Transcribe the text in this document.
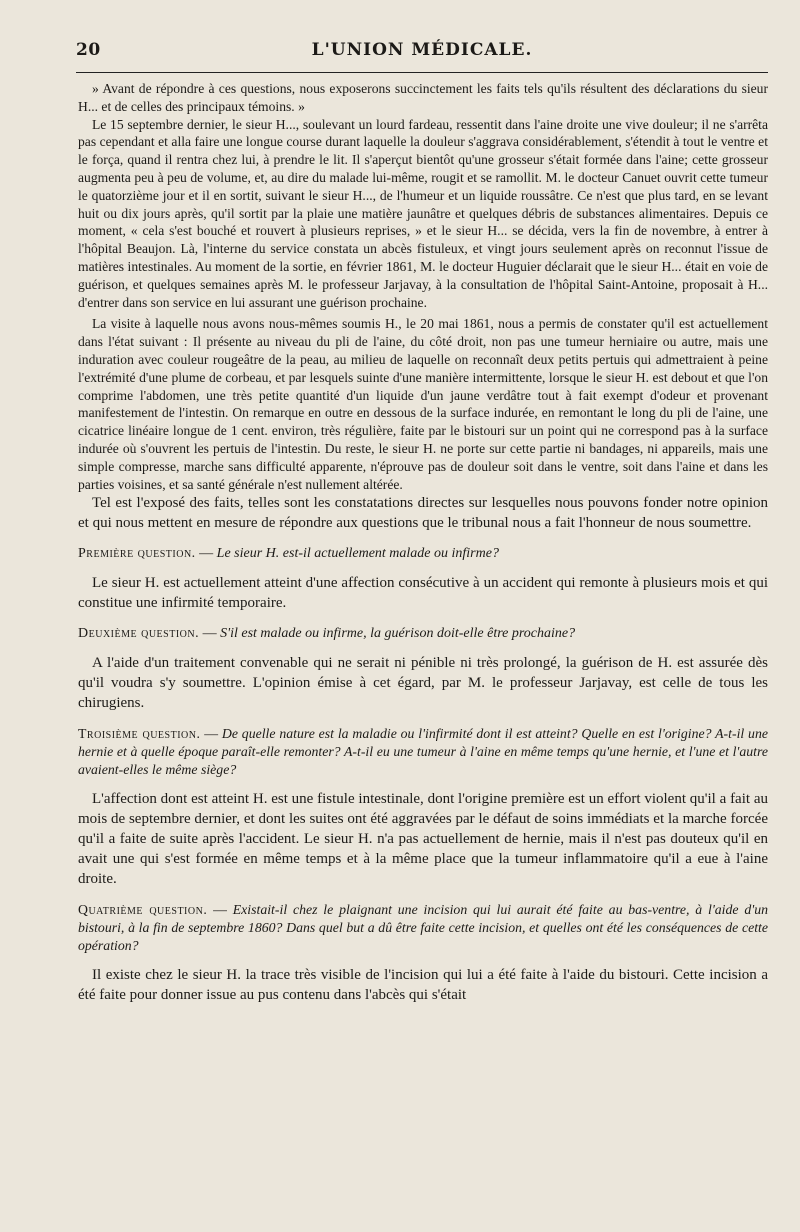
20	L'UNION MÉDICALE.

» Avant de répondre à ces questions, nous exposerons succinctement les faits tels qu'ils résultent des déclarations du sieur H... et de celles des principaux témoins. »

Le 15 septembre dernier, le sieur H..., soulevant un lourd fardeau, ressentit dans l'aine droite une vive douleur; il ne s'arrêta pas cependant et alla faire une longue course durant laquelle la douleur s'aggrava considérablement, s'étendit à tout le ventre et le força, quand il rentra chez lui, à prendre le lit. Il s'aperçut bientôt qu'une grosseur s'était formée dans l'aine; cette grosseur augmenta peu à peu de volume, et, au dire du malade lui-même, rougit et se ramollit. M. le docteur Canuet ouvrit cette tumeur le quatorzième jour et il en sortit, suivant le sieur H..., de l'humeur et un liquide roussâtre. Ce n'est que plus tard, en se levant huit ou dix jours après, qu'il sortit par la plaie une matière jaunâtre et quelques débris de substances alimentaires. Depuis ce moment, « cela s'est bouché et rouvert à plusieurs reprises, » et le sieur H... se décida, vers la fin de novembre, à entrer à l'hôpital Beaujon. Là, l'interne du service constata un abcès fistuleux, et vingt jours seulement après on reconnut l'issue de matières intestinales. Au moment de la sortie, en février 1861, M. le docteur Huguier déclarait que le sieur H... était en voie de guérison, et quelques semaines après M. le professeur Jarjavay, à la consultation de l'hôpital Saint-Antoine, proposait à H... d'entrer dans son service en lui assurant une guérison prochaine.

La visite à laquelle nous avons nous-mêmes soumis H., le 20 mai 1861, nous a permis de constater qu'il est actuellement dans l'état suivant : Il présente au niveau du pli de l'aine, du côté droit, non pas une tumeur herniaire ou autre, mais une induration avec couleur rougeâtre de la peau, au milieu de laquelle on reconnaît deux petits pertuis qui admettraient à peine l'extrémité d'une plume de corbeau, et par lesquels suinte d'une manière intermittente, lorsque le sieur H. est debout et que l'on comprime l'abdomen, une très petite quantité d'un liquide d'un jaune verdâtre tout à fait exempt d'odeur et provenant manifestement de l'intestin. On remarque en outre en dessous de la surface indurée, en remontant le long du pli de l'aine, une cicatrice linéaire longue de 1 cent. environ, très régulière, faite par le bistouri sur un point qui ne correspond pas à la surface indurée où s'ouvrent les pertuis de l'intestin. Du reste, le sieur H. ne porte sur cette partie ni bandages, ni appareils, mais une simple compresse, marche sans difficulté apparente, n'éprouve pas de douleur soit dans le ventre, soit dans l'aine et dans les parties voisines, et sa santé générale n'est nullement altérée.

Tel est l'exposé des faits, telles sont les constatations directes sur lesquelles nous pouvons fonder notre opinion et qui nous mettent en mesure de répondre aux questions que le tribunal nous a fait l'honneur de nous soumettre.

Première question. — Le sieur H. est-il actuellement malade ou infirme?

Le sieur H. est actuellement atteint d'une affection consécutive à un accident qui remonte à plusieurs mois et qui constitue une infirmité temporaire.

Deuxième question. — S'il est malade ou infirme, la guérison doit-elle être prochaine?

A l'aide d'un traitement convenable qui ne serait ni pénible ni très prolongé, la guérison de H. est assurée dès qu'il voudra s'y soumettre. L'opinion émise à cet égard, par M. le professeur Jarjavay, est celle de tous les chirugiens.

Troisième question. — De quelle nature est la maladie ou l'infirmité dont il est atteint? Quelle en est l'origine? A-t-il une hernie et à quelle époque paraît-elle remonter? A-t-il eu une tumeur à l'aine en même temps qu'une hernie, et l'une et l'autre avaient-elles le même siège?

L'affection dont est atteint H. est une fistule intestinale, dont l'origine première est un effort violent qu'il a fait au mois de septembre dernier, et dont les suites ont été aggravées par le défaut de soins immédiats et la marche forcée qu'il a faite de suite après l'accident. Le sieur H. n'a pas actuellement de hernie, mais il n'est pas douteux qu'il en avait une qui s'est formée en même temps et à la même place que la tumeur inflammatoire qu'il a eue à l'aine droite.

Quatrième question. — Existait-il chez le plaignant une incision qui lui aurait été faite au bas-ventre, à l'aide d'un bistouri, à la fin de septembre 1860? Dans quel but a dû être faite cette incision, et quelles ont été les conséquences de cette opération?

Il existe chez le sieur H. la trace très visible de l'incision qui lui a été faite à l'aide du bistouri. Cette incision a été faite pour donner issue au pus contenu dans l'abcès qui s'était
